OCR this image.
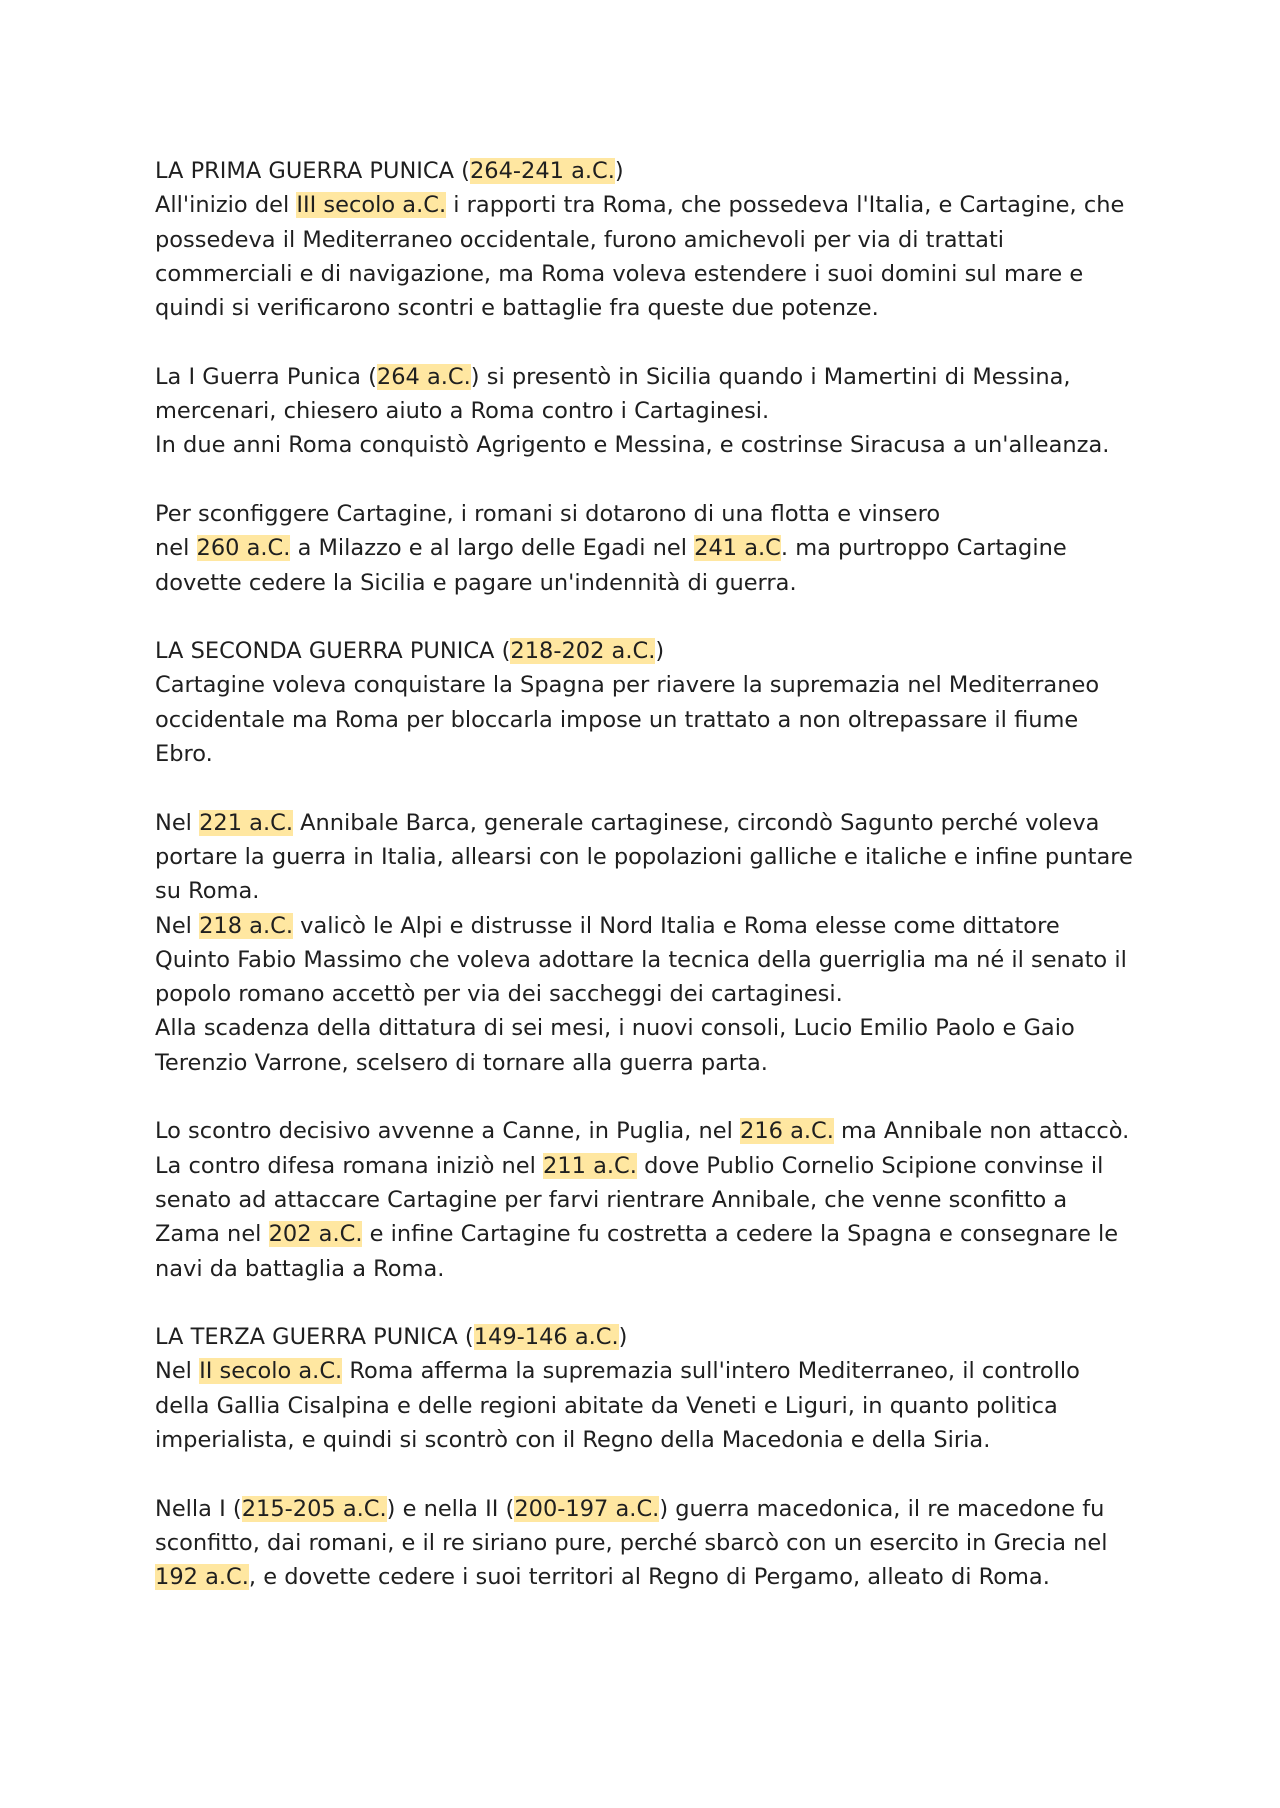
LA PRIMA GUERRA PUNICA (264-241 a.C.)
All'inizio del III secolo a.C. i rapporti tra Roma, che possedeva l'Italia, e Cartagine, che possedeva il Mediterraneo occidentale, furono amichevoli per via di trattati commerciali e di navigazione, ma Roma voleva estendere i suoi domini sul mare e quindi si verificarono scontri e battaglie fra queste due potenze.

La I Guerra Punica (264 a.C.) si presentò in Sicilia quando i Mamertini di Messina, mercenari, chiesero aiuto a Roma contro i Cartaginesi.
In due anni Roma conquistò Agrigento e Messina, e costrinse Siracusa a un'alleanza.

Per sconfiggere Cartagine, i romani si dotarono di una flotta e vinsero
nel 260 a.C. a Milazzo e al largo delle Egadi nel 241 a.C. ma purtroppo Cartagine dovette cedere la Sicilia e pagare un'indennità di guerra.

LA SECONDA GUERRA PUNICA (218-202 a.C.)
Cartagine voleva conquistare la Spagna per riavere la supremazia nel Mediterraneo occidentale ma Roma per bloccarla impose un trattato a non oltrepassare il fiume Ebro.

Nel 221 a.C. Annibale Barca, generale cartaginese, circondò Sagunto perché voleva portare la guerra in Italia, allearsi con le popolazioni galliche e italiche e infine puntare su Roma.
Nel 218 a.C. valicò le Alpi e distrusse il Nord Italia e Roma elesse come dittatore Quinto Fabio Massimo che voleva adottare la tecnica della guerriglia ma né il senato il popolo romano accettò per via dei saccheggi dei cartaginesi.
Alla scadenza della dittatura di sei mesi, i nuovi consoli, Lucio Emilio Paolo e Gaio Terenzio Varrone, scelsero di tornare alla guerra parta.

Lo scontro decisivo avvenne a Canne, in Puglia, nel 216 a.C. ma Annibale non attaccò.
La contro difesa romana iniziò nel 211 a.C. dove Publio Cornelio Scipione convinse il senato ad attaccare Cartagine per farvi rientrare Annibale, che venne sconfitto a Zama nel 202 a.C. e infine Cartagine fu costretta a cedere la Spagna e consegnare le navi da battaglia a Roma.

LA TERZA GUERRA PUNICA (149-146 a.C.)
Nel II secolo a.C. Roma afferma la supremazia sull'intero Mediterraneo, il controllo della Gallia Cisalpina e delle regioni abitate da Veneti e Liguri, in quanto politica imperialista, e quindi si scontrò con il Regno della Macedonia e della Siria.

Nella I (215-205 a.C.) e nella II (200-197 a.C.) guerra macedonica, il re macedone fu sconfitto, dai romani, e il re siriano pure, perché sbarcò con un esercito in Grecia nel 192 a.C., e dovette cedere i suoi territori al Regno di Pergamo, alleato di Roma.
